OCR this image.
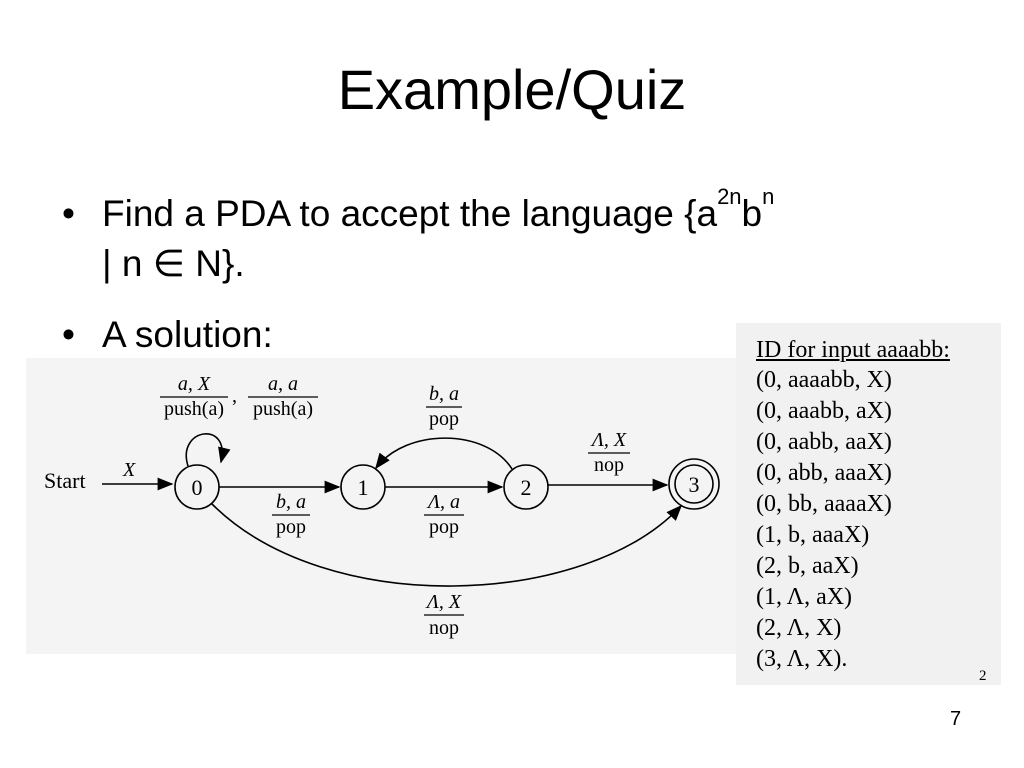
Example/Quiz
• Find a PDA to accept the language {$a^{2n}b^n$
| n ∈ N}.
• A solution:
Start X
0	1	2	3
a, X
push(a)
,
a, a
push(a)
b, a
pop
b, a
pop
Λ, a
pop
Λ, X
nop
Λ, X
nop
ID for input aaaabb:
(0, aaaabb, X)
(0, aaabb, aX)
(0, aabb, aaX)
(0, abb, aaaX)
(0, bb, aaaaX)
(1, b, aaaX)
(2, b, aaX)
(1, Λ, aX)
(2, Λ, X)
(3, Λ, X).
2
7
